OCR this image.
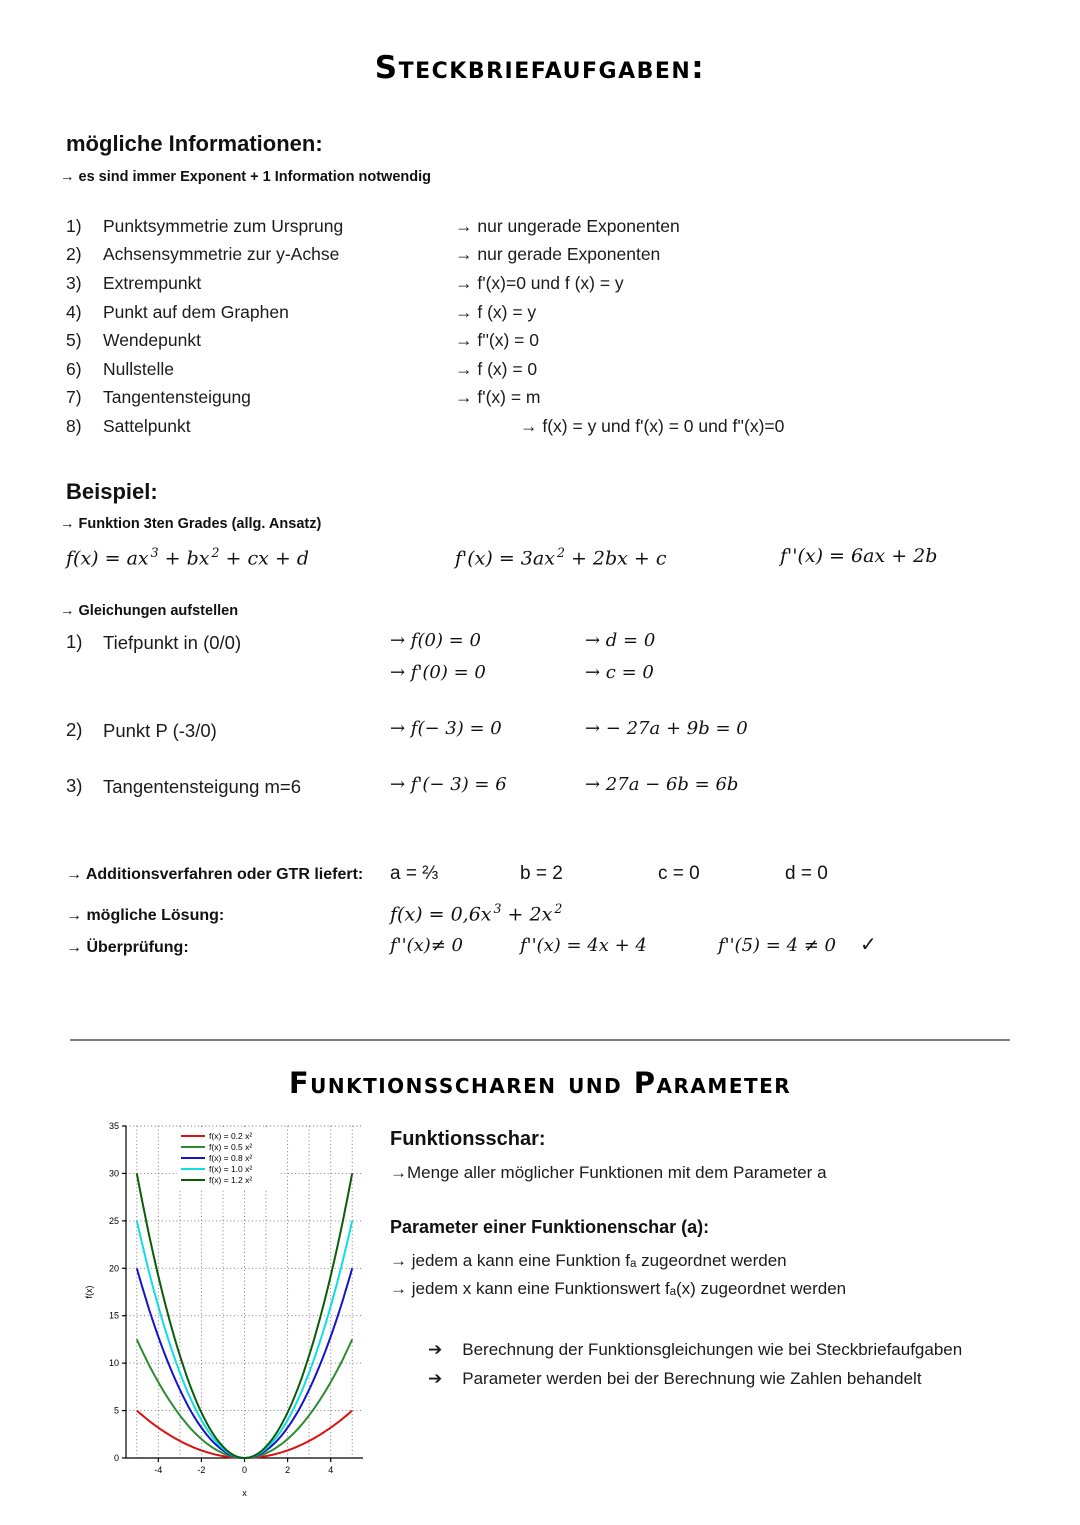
Steckbriefaufgaben:
mögliche Informationen:
→ es sind immer Exponent + 1 Information notwendig
1)	Punktsymmetrie zum Ursprung	→ nur ungerade Exponenten
2)	Achsensymmetrie zur y-Achse	→ nur gerade Exponenten
3)	Extrempunkt	→ f'(x)=0 und f (x) = y
4)	Punkt auf dem Graphen	→ f (x) = y
5)	Wendepunkt	→ f''(x) = 0
6)	Nullstelle	→ f (x) = 0
7)	Tangentensteigung	→ f'(x) = m
8)	Sattelpunkt	→ f(x) = y und f'(x) = 0 und f''(x)=0
Beispiel:
→ Funktion 3ten Grades (allg. Ansatz)
f(x) = ax $^3$ + bx $^2$ + cx + d	f'(x) = 3ax $^2$ + 2bx + c	f''(x) = 6ax + 2b
→ Gleichungen aufstellen
1) Tiefpunkt in (0/0)	→ f(0) = 0	→ d = 0
→ f'(0) = 0	→ c = 0
2) Punkt P (-3/0)	→ f(− 3) = 0	→ − 27a + 9b = 0
3) Tangentensteigung m=6	→ f'(− 3) = 6	→ 27a − 6b = 6b
→ Additionsverfahren oder GTR liefert: a = ⅔	b = 2	c = 0	d = 0
→ mögliche Lösung:	f(x) = 0,6x $^3$ + 2x $^2$
→ Überprüfung:	f''(x)≠ 0	f''(x) = 4x + 4	f''(5) = 4 ≠ 0 ✓
Funktionsscharen und Parameter
-4	-2	0	2	4
0
5
10
15
20
25
30
35
x
f(x)
f(x) = 0.2 x²
f(x) = 0.5 x²
f(x) = 0.8 x²
f(x) = 1.0 x²
f(x) = 1.2 x²
Funktionsschar:
→Menge aller möglicher Funktionen mit dem Parameter a
Parameter einer Funktionenschar (a):
→ jedem a kann eine Funktion fₐ zugeordnet werden
→ jedem x kann eine Funktionswert fₐ(x) zugeordnet werden
➔ Berechnung der Funktionsgleichungen wie bei Steckbriefaufgaben
➔ Parameter werden bei der Berechnung wie Zahlen behandelt
